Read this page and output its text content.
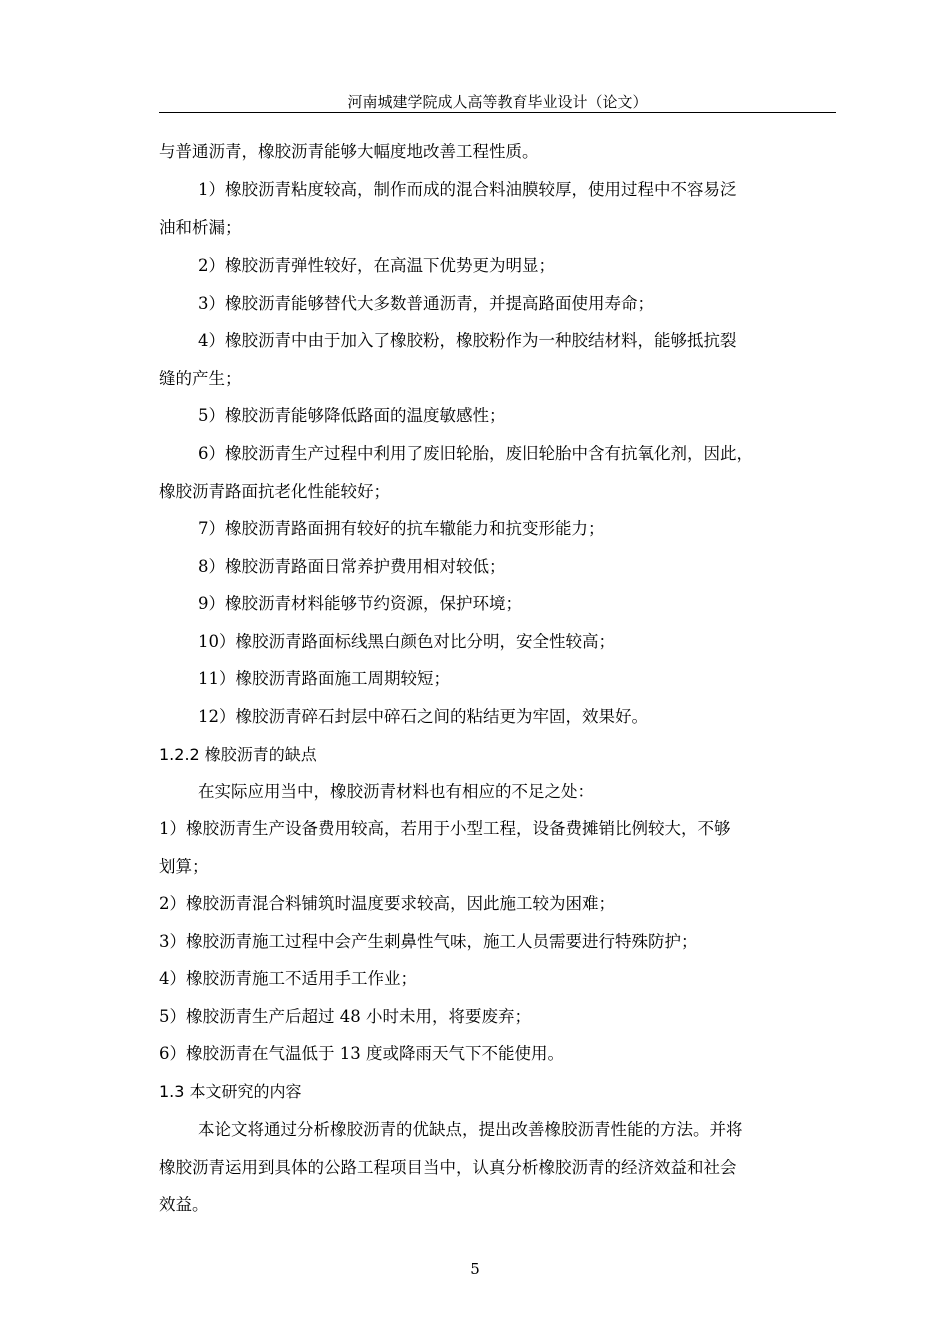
河南城建学院成人高等教育毕业设计（论文）
与普通沥青，橡胶沥青能够大幅度地改善工程性质。
1）橡胶沥青粘度较高，制作而成的混合料油膜较厚，使用过程中不容易泛
油和析漏；
2）橡胶沥青弹性较好，在高温下优势更为明显；
3）橡胶沥青能够替代大多数普通沥青，并提高路面使用寿命；
4）橡胶沥青中由于加入了橡胶粉，橡胶粉作为一种胶结材料，能够抵抗裂
缝的产生；
5）橡胶沥青能够降低路面的温度敏感性；
6）橡胶沥青生产过程中利用了废旧轮胎，废旧轮胎中含有抗氧化剂，因此，
橡胶沥青路面抗老化性能较好；
7）橡胶沥青路面拥有较好的抗车辙能力和抗变形能力；
8）橡胶沥青路面日常养护费用相对较低；
9）橡胶沥青材料能够节约资源，保护环境；
10）橡胶沥青路面标线黑白颜色对比分明，安全性较高；
11）橡胶沥青路面施工周期较短；
12）橡胶沥青碎石封层中碎石之间的粘结更为牢固，效果好。
1.2.2 橡胶沥青的缺点
在实际应用当中，橡胶沥青材料也有相应的不足之处：
1）橡胶沥青生产设备费用较高，若用于小型工程，设备费摊销比例较大，不够
划算；
2）橡胶沥青混合料铺筑时温度要求较高，因此施工较为困难；
3）橡胶沥青施工过程中会产生刺鼻性气味，施工人员需要进行特殊防护；
4）橡胶沥青施工不适用手工作业；
5）橡胶沥青生产后超过 48 小时未用，将要废弃；
6）橡胶沥青在气温低于 13 度或降雨天气下不能使用。
1.3 本文研究的内容
本论文将通过分析橡胶沥青的优缺点，提出改善橡胶沥青性能的方法。并将
橡胶沥青运用到具体的公路工程项目当中，认真分析橡胶沥青的经济效益和社会
效益。
5
